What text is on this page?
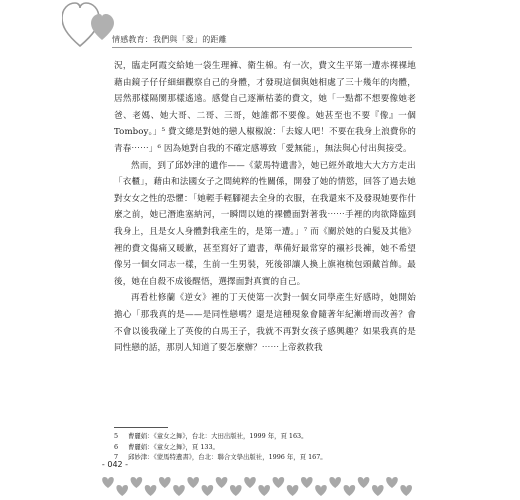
情感教育：我們與「愛」的距離

況，臨走阿霞交給她一袋生理褲、衛生棉。有一次，費文生平第一遭赤裸裸地藉由鏡子仔仔細細觀察自己的身體，才發現這個與她相處了三十幾年的肉體，居然那樣隔閡那樣遙遠。感覺自己逐漸枯萎的費文，她「一點都不想要像她老爸、老媽、她大哥、二哥、三哥，她誰都不要像。她甚至也不要『像』一個 Tomboy。」⁵ 費文總是對她的戀人椒椒說：「去嫁人吧！不要在我身上浪費你的青春⋯⋯」⁶ 因為她對自我的不確定感導致「愛無能」，無法與心付出與接受。

然而，到了邱妙津的遺作——《蒙馬特遺書》，她已經外敢地大大方方走出「衣櫃」，藉由和法國女子之間純粹的性關係，開發了她的情慾，回答了過去她對女女之性的恐懼：「她輕手輕腳褪去全身的衣服，在我還來不及發現她要作什麼之前，她已潛進塞納河，一瞬間以她的裸體面對著我⋯⋯手裡的肉欲降臨到我身上，且是女人身體對我產生的，是第一遭。」⁷ 而《關於她的白髮及其他》裡的費文傷痛又暖歉，甚至寫好了遺書，準備好最常穿的襯衫長褲，她不希望像另一個女同志一樣，生前一生男裝，死後卻讓人換上旗袍梳包頭戴首飾。最後，她在自殺不成後醒悟，選擇面對真實的自己。

再看杜修蘭《逆女》裡的丁天使第一次對一個女同學產生好感時，她開始擔心「那我真的是——是同性戀嗎？還是這種現象會隨著年紀漸增而改善？會不會以後我碰上了英俊的白馬王子，我就不再對女孩子感興趣？如果我真的是同性戀的話，那別人知道了要怎麼辦？⋯⋯上帝救救我

5 曹麗娟：《童女之舞》，台北：大田出版社，1999 年，頁 163。
6 曹麗娟：《童女之舞》，頁 133。
7 邱妙津：《蒙馬特遺書》，台北：聯合文學出版社，1996 年，頁 167。
- 042 -
